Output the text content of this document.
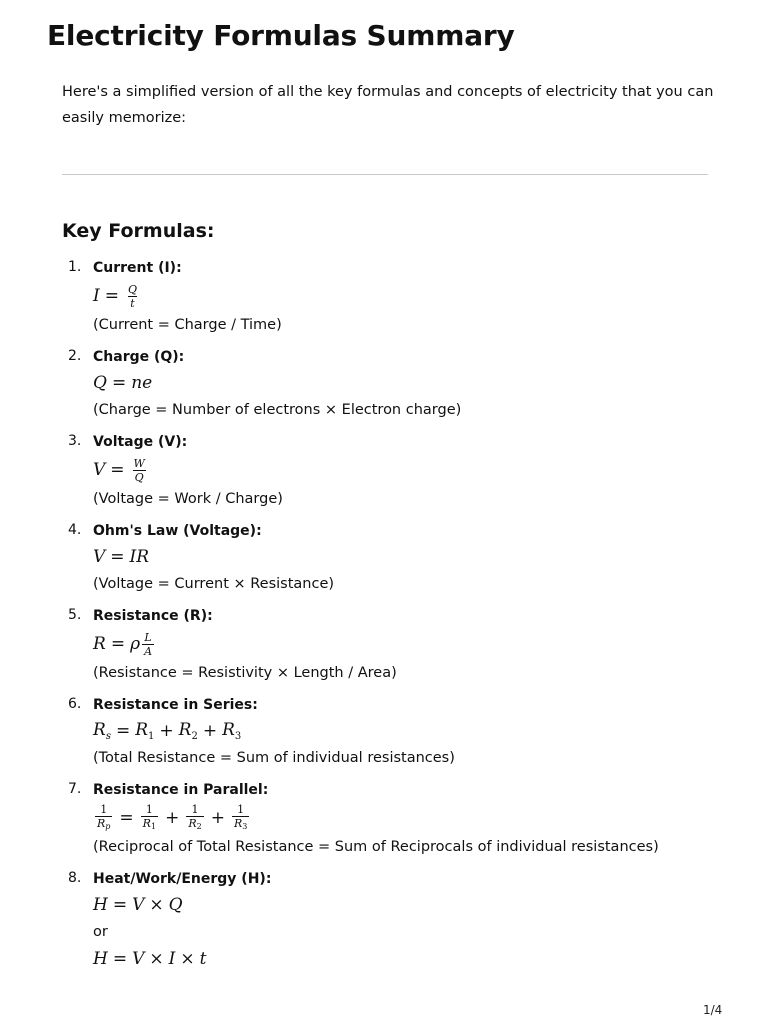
Electricity Formulas Summary

Here's a simplified version of all the key formulas and concepts of electricity that you can easily memorize:

Key Formulas:
1. Current (I):
$I = \frac{Q}{t}$
(Current = Charge / Time)
2. Charge (Q):
Q = ne
(Charge = Number of electrons × Electron charge)
3. Voltage (V):
$V = \frac{W}{Q}$
(Voltage = Work / Charge)
4. Ohm's Law (Voltage):
V = IR
(Voltage = Current × Resistance)
5. Resistance (R):
R = ρ $\frac{L}{A}$
(Resistance = Resistivity × Length / Area)
6. Resistance in Series:
$R_s = R_1 + R_2 + R_3$
(Total Resistance = Sum of individual resistances)
7. Resistance in Parallel:
$\frac{1}{Rp} = \frac{1}{R1} + \frac{1}{R2} + \frac{1}{R3}$
(Reciprocal of Total Resistance = Sum of Reciprocals of individual resistances)
8. Heat/Work/Energy (H):
H = V × Q
or
H = V × I × t
1/4
